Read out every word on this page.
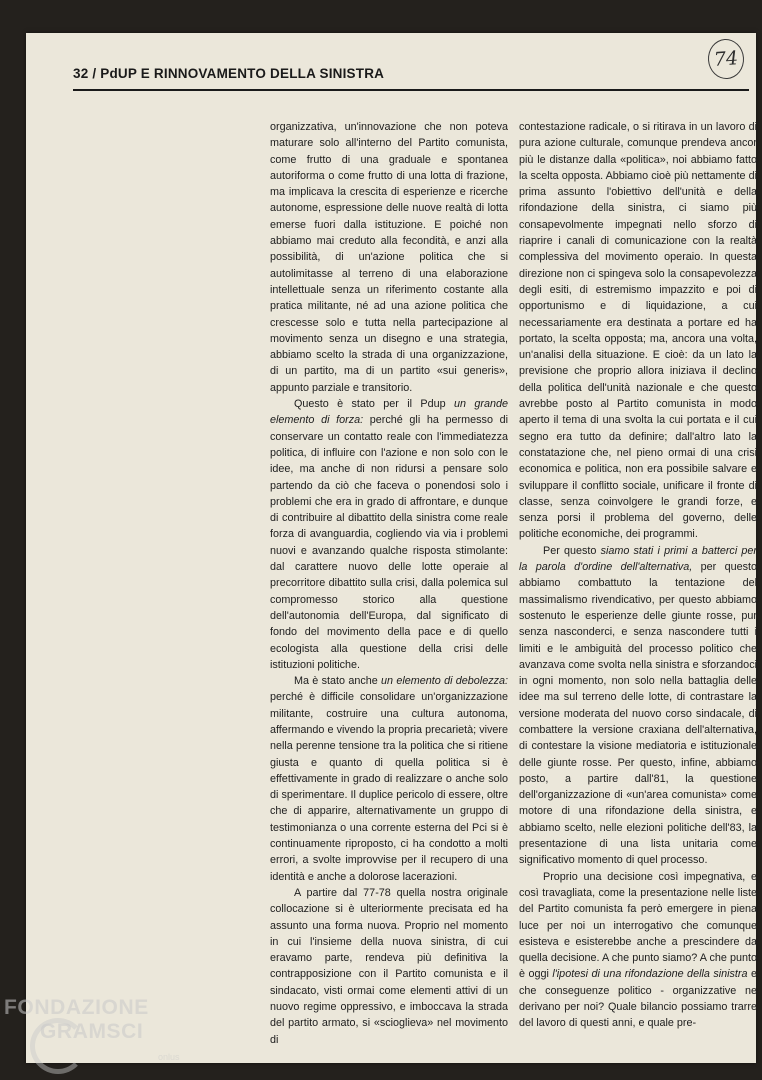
74
32 / PdUP E RINNOVAMENTO DELLA SINISTRA

organizzativa, un'innovazione che non poteva maturare solo all'interno del Partito comunista, come frutto di una graduale e spontanea autoriforma o come frutto di una lotta di frazione, ma implicava la crescita di esperienze e ricerche autonome, espressione delle nuove realtà di lotta emerse fuori dalla istituzione. E poiché non abbiamo mai creduto alla fecondità, e anzi alla possibilità, di un'azione politica che si autolimitasse al terreno di una elaborazione intellettuale senza un riferimento costante alla pratica militante, né ad una azione politica che crescesse solo e tutta nella partecipazione al movimento senza un disegno e una strategia, abbiamo scelto la strada di una organizzazione, di un partito, ma di un partito «sui generis», appunto parziale e transitorio.

Questo è stato per il Pdup un grande elemento di forza: perché gli ha permesso di conservare un contatto reale con l'immediatezza politica, di influire con l'azione e non solo con le idee, ma anche di non ridursi a pensare solo partendo da ciò che faceva o ponendosi solo i problemi che era in grado di affrontare, e dunque di contribuire al dibattito della sinistra come reale forza di avanguardia, cogliendo via via i problemi nuovi e avanzando qualche risposta stimolante: dal carattere nuovo delle lotte operaie al precorritore dibattito sulla crisi, dalla polemica sul compromesso storico alla questione dell'autonomia dell'Europa, dal significato di fondo del movimento della pace e di quello ecologista alla questione della crisi delle istituzioni politiche.

Ma è stato anche un elemento di debolezza: perché è difficile consolidare un'organizzazione militante, costruire una cultura autonoma, affermando e vivendo la propria precarietà; vivere nella perenne tensione tra la politica che si ritiene giusta e quanto di quella politica si è effettivamente in grado di realizzare o anche solo di sperimentare. Il duplice pericolo di essere, oltre che di apparire, alternativamente un gruppo di testimonianza o una corrente esterna del Pci si è continuamente riproposto, ci ha condotto a molti errori, a svolte improvvise per il recupero di una identità e anche a dolorose lacerazioni.

A partire dal 77-78 quella nostra originale collocazione si è ulteriormente precisata ed ha assunto una forma nuova. Proprio nel momento in cui l'insieme della nuova sinistra, di cui eravamo parte, rendeva più definitiva la contrapposizione con il Partito comunista e il sindacato, visti ormai come elementi attivi di un nuovo regime oppressivo, e imboccava la strada del partito armato, si «scioglieva» nel movimento di

contestazione radicale, o si ritirava in un lavoro di pura azione culturale, comunque prendeva ancor più le distanze dalla «politica», noi abbiamo fatto la scelta opposta. Abbiamo cioè più nettamente di prima assunto l'obiettivo dell'unità e della rifondazione della sinistra, ci siamo più consapevolmente impegnati nello sforzo di riaprire i canali di comunicazione con la realtà complessiva del movimento operaio. In questa direzione non ci spingeva solo la consapevolezza degli esiti, di estremismo impazzito e poi di opportunismo e di liquidazione, a cui necessariamente era destinata a portare ed ha portato, la scelta opposta; ma, ancora una volta, un'analisi della situazione. E cioè: da un lato la previsione che proprio allora iniziava il declino della politica dell'unità nazionale e che questo avrebbe posto al Partito comunista in modo aperto il tema di una svolta la cui portata e il cui segno era tutto da definire; dall'altro lato la constatazione che, nel pieno ormai di una crisi economica e politica, non era possibile salvare e sviluppare il conflitto sociale, unificare il fronte di classe, senza coinvolgere le grandi forze, e senza porsi il problema del governo, delle politiche economiche, dei programmi.

Per questo siamo stati i primi a batterci per la parola d'ordine dell'alternativa, per questo abbiamo combattuto la tentazione del massimalismo rivendicativo, per questo abbiamo sostenuto le esperienze delle giunte rosse, pur senza nasconderci, e senza nascondere tutti i limiti e le ambiguità del processo politico che avanzava come svolta nella sinistra e sforzandoci in ogni momento, non solo nella battaglia delle idee ma sul terreno delle lotte, di contrastare la versione moderata del nuovo corso sindacale, di combattere la versione craxiana dell'alternativa, di contestare la visione mediatoria e istituzionale delle giunte rosse. Per questo, infine, abbiamo posto, a partire dall'81, la questione dell'organizzazione di «un'area comunista» come motore di una rifondazione della sinistra, e abbiamo scelto, nelle elezioni politiche dell'83, la presentazione di una lista unitaria come significativo momento di quel processo.

Proprio una decisione così impegnativa, e così travagliata, come la presentazione nelle liste del Partito comunista fa però emergere in piena luce per noi un interrogativo che comunque esisteva e esisterebbe anche a prescindere da quella decisione. A che punto siamo? A che punto è oggi l'ipotesi di una rifondazione della sinistra e che conseguenze politico - organizzative ne derivano per noi? Quale bilancio possiamo trarre del lavoro di questi anni, e quale pre-

FONDAZIONE
GRAMSCI
onlus
